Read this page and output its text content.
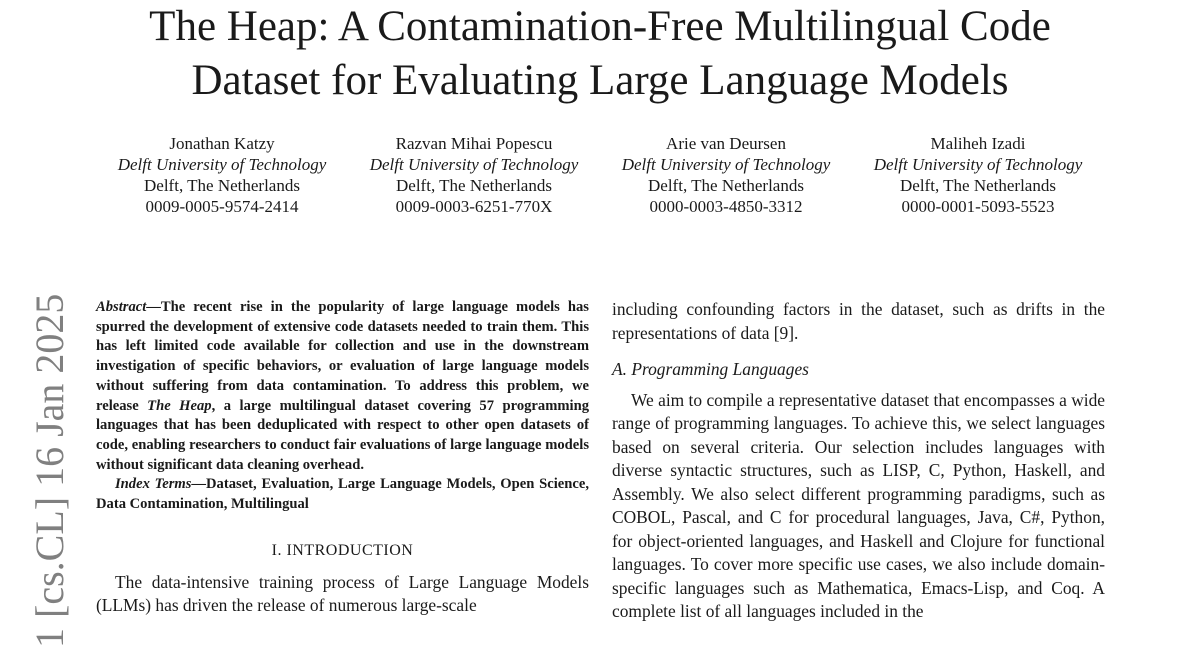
The Heap: A Contamination-Free Multilingual Code
Dataset for Evaluating Large Language Models
Jonathan Katzy
Delft University of Technology
Delft, The Netherlands
0009-0005-9574-2414
Razvan Mihai Popescu
Delft University of Technology
Delft, The Netherlands
0009-0003-6251-770X
Arie van Deursen
Delft University of Technology
Delft, The Netherlands
0000-0003-4850-3312
Maliheh Izadi
Delft University of Technology
Delft, The Netherlands
0000-0001-5093-5523
1 [cs.CL] 16 Jan 2025 Abstract—The recent rise in the popularity of large language models has spurred the development of extensive code datasets needed to train them. This has left limited code available for collection and use in the downstream investigation of specific behaviors, or evaluation of large language models without suffering from data contamination. To address this problem, we release The Heap, a large multilingual dataset covering 57 programming languages that has been deduplicated with respect to other open datasets of code, enabling researchers to conduct fair evaluations of large language models without significant data cleaning overhead.

Index Terms—Dataset, Evaluation, Large Language Models, Open Science, Data Contamination, Multilingual

I. INTRODUCTION

The data-intensive training process of Large Language Models (LLMs) has driven the release of numerous large-scale

including confounding factors in the dataset, such as drifts in the representations of data [9].

A. Programming Languages

We aim to compile a representative dataset that encompasses a wide range of programming languages. To achieve this, we select languages based on several criteria. Our selection includes languages with diverse syntactic structures, such as LISP, C, Python, Haskell, and Assembly. We also select different programming paradigms, such as COBOL, Pascal, and C for procedural languages, Java, C#, Python, for object-oriented languages, and Haskell and Clojure for functional languages. To cover more specific use cases, we also include domain-specific languages such as Mathematica, Emacs-Lisp, and Coq. A complete list of all languages included in the
